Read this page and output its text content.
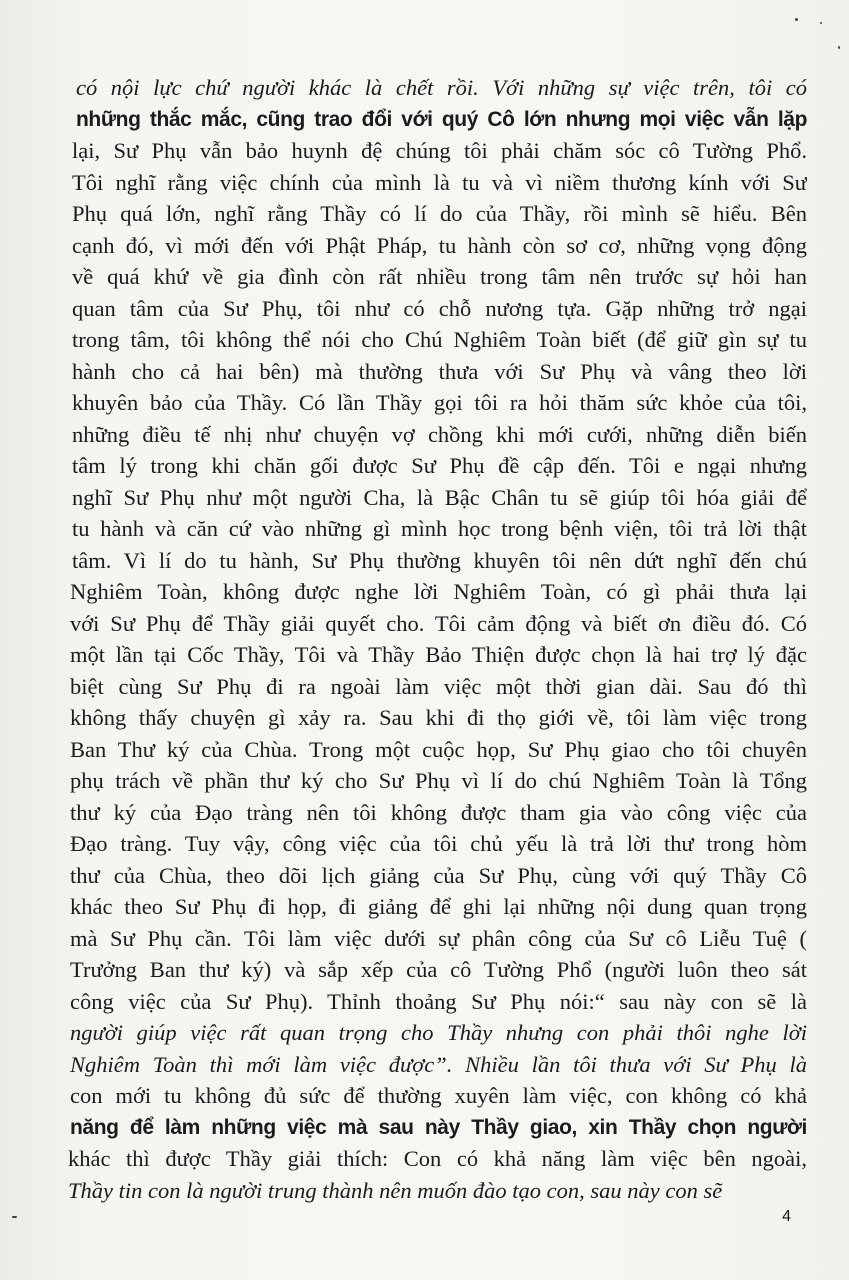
có nội lực chứ người khác là chết rồi. Với những sự việc trên, tôi có
những thắc mắc, cũng trao đổi với quý Cô lớn nhưng mọi việc vẫn lặp
lại, Sư Phụ vẫn bảo huynh đệ chúng tôi phải chăm sóc cô Tường Phổ.
Tôi nghĩ rằng việc chính của mình là tu và vì niềm thương kính với Sư
Phụ quá lớn, nghĩ rằng Thầy có lí do của Thầy, rồi mình sẽ hiểu. Bên
cạnh đó, vì mới đến với Phật Pháp, tu hành còn sơ cơ, những vọng động
về quá khứ về gia đình còn rất nhiều trong tâm nên trước sự hỏi han
quan tâm của Sư Phụ, tôi như có chỗ nương tựa. Gặp những trở ngại
trong tâm, tôi không thể nói cho Chú Nghiêm Toàn biết (để giữ gìn sự tu
hành cho cả hai bên) mà thường thưa với Sư Phụ và vâng theo lời
khuyên bảo của Thầy. Có lần Thầy gọi tôi ra hỏi thăm sức khỏe của tôi,
những điều tế nhị như chuyện vợ chồng khi mới cưới, những diễn biến
tâm lý trong khi chăn gối được Sư Phụ đề cập đến. Tôi e ngại nhưng
nghĩ Sư Phụ như một người Cha, là Bậc Chân tu sẽ giúp tôi hóa giải để
tu hành và căn cứ vào những gì mình học trong bệnh viện, tôi trả lời thật
tâm. Vì lí do tu hành, Sư Phụ thường khuyên tôi nên dứt nghĩ đến chú
Nghiêm Toàn, không được nghe lời Nghiêm Toàn, có gì phải thưa lại
với Sư Phụ để Thầy giải quyết cho. Tôi cảm động và biết ơn điều đó. Có
một lần tại Cốc Thầy, Tôi và Thầy Bảo Thiện được chọn là hai trợ lý đặc
biệt cùng Sư Phụ đi ra ngoài làm việc một thời gian dài. Sau đó thì
không thấy chuyện gì xảy ra. Sau khi đi thọ giới về, tôi làm việc trong
Ban Thư ký của Chùa. Trong một cuộc họp, Sư Phụ giao cho tôi chuyên
phụ trách về phần thư ký cho Sư Phụ vì lí do chú Nghiêm Toàn là Tổng
thư ký của Đạo tràng nên tôi không được tham gia vào công việc của
Đạo tràng. Tuy vậy, công việc của tôi chủ yếu là trả lời thư trong hòm
thư của Chùa, theo dõi lịch giảng của Sư Phụ, cùng với quý Thầy Cô
khác theo Sư Phụ đi họp, đi giảng để ghi lại những nội dung quan trọng
mà Sư Phụ cần. Tôi làm việc dưới sự phân công của Sư cô Liễu Tuệ (
Trưởng Ban thư ký) và sắp xếp của cô Tường Phổ (người luôn theo sát
công việc của Sư Phụ). Thỉnh thoảng Sư Phụ nói:“ sau này con sẽ là
người giúp việc rất quan trọng cho Thầy nhưng con phải thôi nghe lời
Nghiêm Toàn thì mới làm việc được”. Nhiều lần tôi thưa với Sư Phụ là
con mới tu không đủ sức để thường xuyên làm việc, con không có khả
năng để làm những việc mà sau này Thầy giao, xin Thầy chọn người
khác thì được Thầy giải thích: Con có khả năng làm việc bên ngoài,
Thầy tin con là người trung thành nên muốn đào tạo con, sau này con sẽ
4
